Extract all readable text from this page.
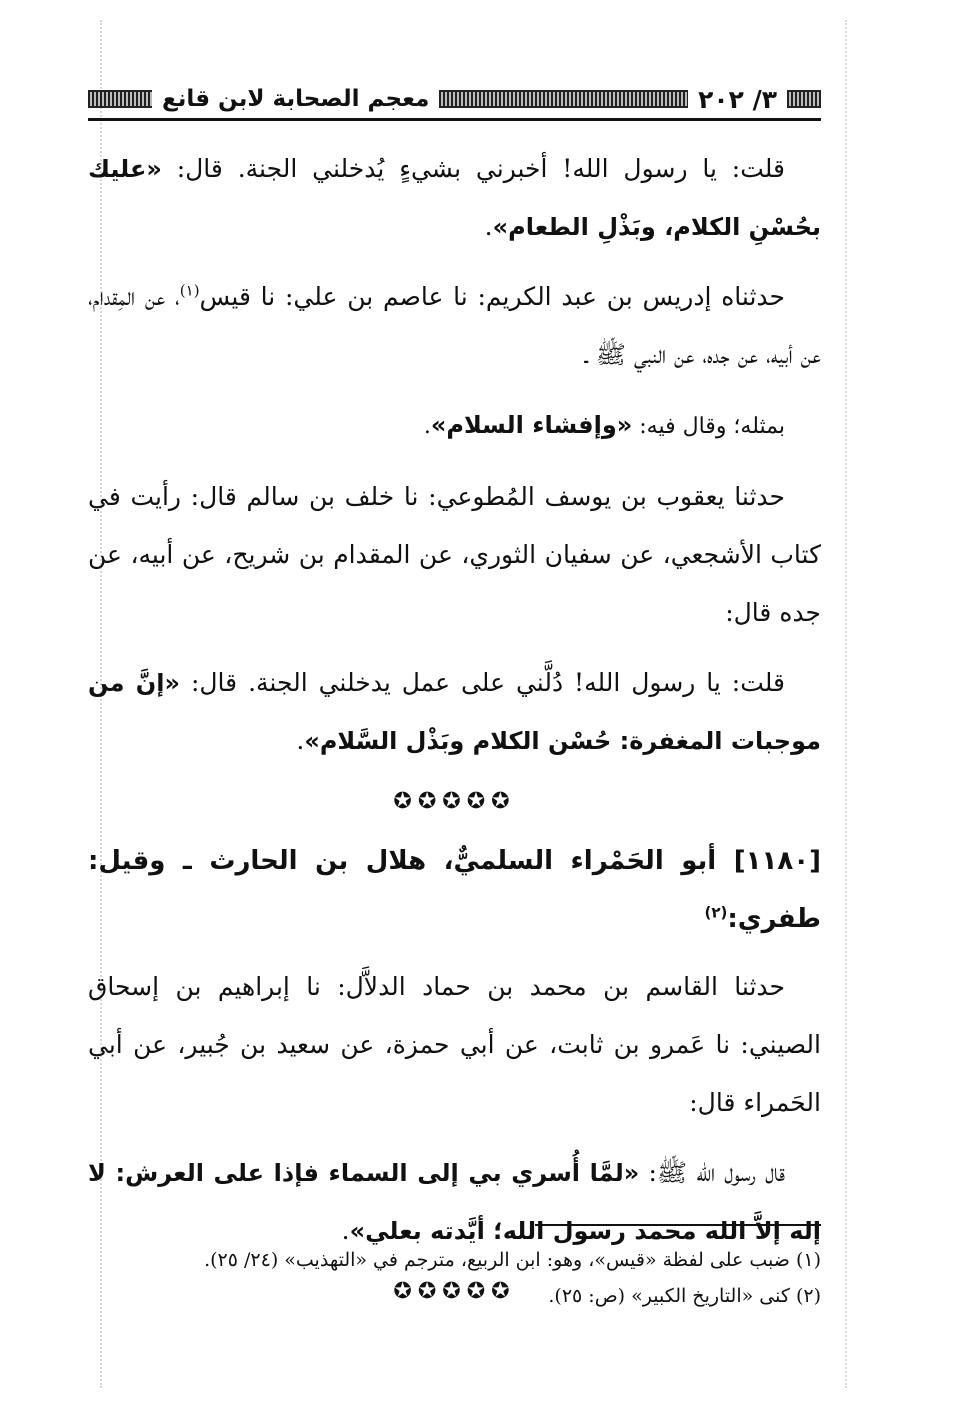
٣/ ٢٠٢
معجم الصحابة لابن قانع

قلت: يا رسول الله! أخبرني بشيءٍ يُدخلني الجنة. قال: «عليك بحُسْنِ الكلام، وبَذْلِ الطعام».

حدثناه إدريس بن عبد الكريم: نا عاصم بن علي: نا قيس$^{(١)}$، عن المِقدام، عن أبيه، عن جده، عن النبي ﷺ ـ

بمثله؛ وقال فيه: «وإفشاء السلام».

حدثنا يعقوب بن يوسف المُطوعي: نا خلف بن سالم قال: رأيت في كتاب الأشجعي، عن سفيان الثوري، عن المقدام بن شريح، عن أبيه، عن جده قال:

قلت: يا رسول الله! دُلَّني على عمل يدخلني الجنة. قال: «إنَّ من موجبات المغفرة: حُسْن الكلام وبَذْل السَّلام».

✪✪✪✪✪

[١١٨٠] أبو الحَمْراء السلميٌّ، هلال بن الحارث ـ وقيل: طفري:$^{(٢)}$

حدثنا القاسم بن محمد بن حماد الدلاَّل: نا إبراهيم بن إسحاق الصيني: نا عَمرو بن ثابت، عن أبي حمزة، عن سعيد بن جُبير، عن أبي الحَمراء قال:

قال رسول الله ﷺ: «لمَّا أُسري بي إلى السماء فإذا على العرش: لا إله إلاَّ الله محمد رسول الله؛ أيَّدته بعلي».

✪✪✪✪✪
(١) ضبب على لفظة «قيس»، وهو: ابن الربيع، مترجم في «التهذيب» (٢٤/ ٢٥).
(٢) كنى «التاريخ الكبير» (ص: ٢٥).
